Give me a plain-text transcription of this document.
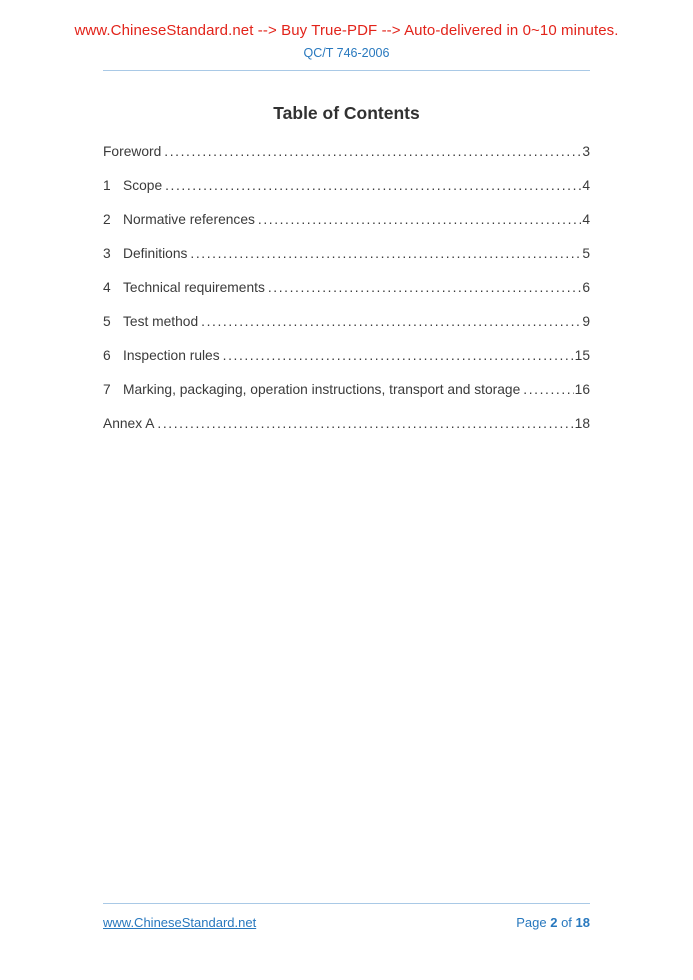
www.ChineseStandard.net --> Buy True-PDF --> Auto-delivered in 0~10 minutes.
QC/T 746-2006
Table of Contents
Foreword .....	3
1 Scope .....	4
2 Normative references .....	4
3 Definitions .....	5
4 Technical requirements .....	6
5 Test method .....	9
6 Inspection rules .....	15
7 Marking, packaging, operation instructions, transport and storage .....	16
Annex A .....	18
www.ChineseStandard.net	Page 2 of 18
